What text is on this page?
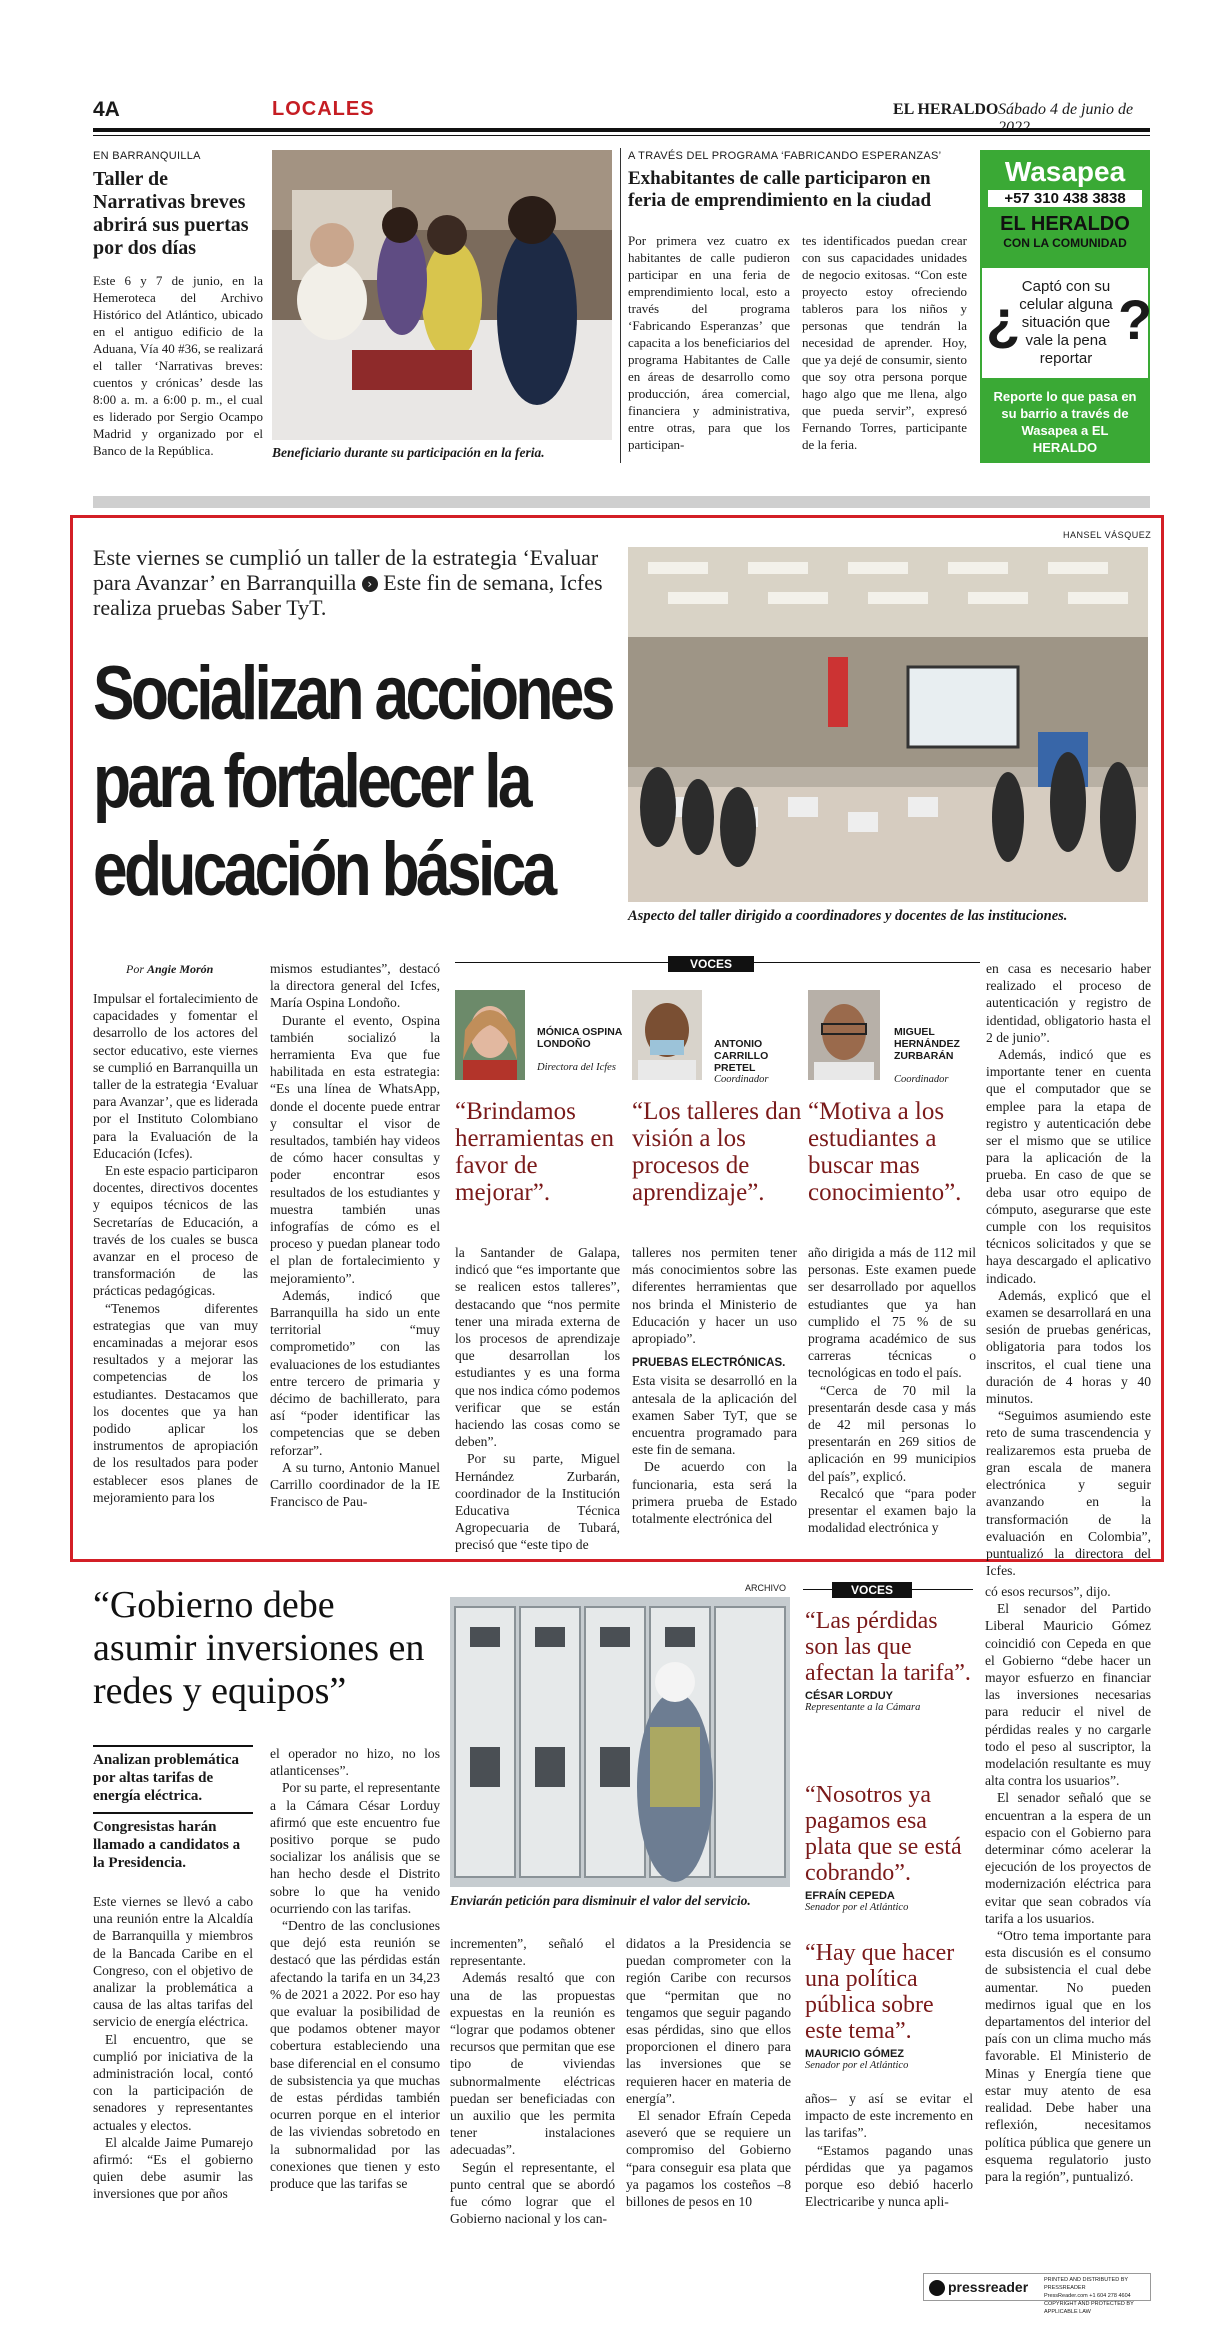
4A	LOCALES	EL HERALDO Sábado 4 de junio de
EN BARRANQUILLA
Taller de Narrativas breves abrirá sus puertas por dos días
Este 6 y 7 de junio, en la Hemeroteca del Archivo Histórico del Atlántico, ubicado en el antiguo edificio de la Aduana, Vía 40 #36, se realizará el taller ‘Narrativas breves: cuentos y crónicas’ desde las 8:00 a. m. a 6:00 p. m., el cual es liderado por Sergio Ocampo Madrid y organizado por el Banco de la República.	Beneficiario durante su participación en la feria.
A TRAVÉS DEL PROGRAMA ‘FABRICANDO ESPERANZAS’
Exhabitantes de calle participaron en feria de emprendimiento en la ciudad
Por primera vez cuatro ex habitantes de calle pudieron participar en una feria de emprendimiento local, esto a través del programa ‘Fabricando Esperanzas’ que capacita a los beneficiarios del programa Habitantes de Calle en áreas de desarrollo como producción, área comercial, financiera y administrativa, entre otras, para que los participan-
tes identificados puedan crear con sus capacidades unidades de negocio exitosas. “Con este proyecto estoy ofreciendo tableros para los niños y personas que tendrán la necesidad de aprender. Hoy, que ya dejé de consumir, siento que soy otra persona porque hago algo que me llena, algo que pueda servir”, expresó Fernando Torres, participante de la feria.
Wasapea
+57 310 438 3838
EL HERALDO
CON LA COMUNIDAD
¿
Captó con su celular alguna situación que vale la pena reportar
?
Reporte lo que pasa en su barrio a través de Wasapea a EL HERALDO
HANSEL VÁSQUEZ
Este viernes se cumplió un taller de la estrategia ‘Evaluar para Avanzar’ en Barranquilla › Este fin de semana, Icfes realiza pruebas Saber TyT.
Socializan acciones para fortalecer la educación básica
Aspecto del taller dirigido a coordinadores y docentes de las instituciones.
Por Angie Morón

Impulsar el fortalecimiento de capacidades y fomentar el desarrollo de los actores del sector educativo, este viernes se cumplió en Barranquilla un taller de la estrategia ‘Evaluar para Avanzar’, que es liderada por el Instituto Colombiano para la Evaluación de la Educación (Icfes).

En este espacio participaron docentes, directivos docentes y equipos técnicos de las Secretarías de Educación, a través de los cuales se busca avanzar en el proceso de transformación de las prácticas pedagógicas.

“Tenemos diferentes estrategias que van muy encaminadas a mejorar esos resultados y a mejorar las competencias de los estudiantes. Destacamos que los docentes que ya han podido aplicar los instrumentos de apropiación de los resultados para poder establecer esos planes de mejoramiento para los

mismos estudiantes”, destacó la directora general del Icfes, María Ospina Londoño.

Durante el evento, Ospina también socializó la herramienta Eva que fue habilitada en esta estrategia: “Es una línea de WhatsApp, donde el docente puede entrar y consultar el visor de resultados, también hay videos de cómo hacer consultas y poder encontrar esos resultados de los estudiantes y muestra también unas infografías de cómo es el proceso y puedan planear todo el plan de fortalecimiento y mejoramiento”.

Además, indicó que Barranquilla ha sido un ente territorial “muy comprometido” con las evaluaciones de los estudiantes entre tercero de primaria y décimo de bachillerato, para así “poder identificar las competencias que se deben reforzar”.

A su turno, Antonio Manuel Carrillo coordinador de la IE Francisco de Pau-

VOCES
MÓNICA OSPINA LONDOÑO
Directora del Icfes
“Brindamos herramientas en favor de mejorar”.
ANTONIO CARRILLO PRETEL
Coordinador
“Los talleres dan visión a los procesos de aprendizaje”.
MIGUEL HERNÁNDEZ ZURBARÁN
Coordinador
“Motiva a los estudiantes a buscar mas conocimiento”.

la Santander de Galapa, indicó que “es importante que se realicen estos talleres”, destacando que “nos permite tener una mirada externa de los procesos de aprendizaje que desarrollan los estudiantes y es una forma que nos indica cómo podemos verificar que se están haciendo las cosas como se deben”.

Por su parte, Miguel Hernández Zurbarán, coordinador de la Institución Educativa Técnica Agropecuaria de Tubará, precisó que “este tipo de

talleres nos permiten tener más conocimientos sobre las diferentes herramientas que nos brinda el Ministerio de Educación y hacer un uso apropiado”.

PRUEBAS ELECTRÓNICAS.

Esta visita se desarrolló en la antesala de la aplicación del examen Saber TyT, que se encuentra programado para este fin de semana.

De acuerdo con la funcionaria, esta será la primera prueba de Estado totalmente electrónica del

año dirigida a más de 112 mil personas. Este examen puede ser desarrollado por aquellos estudiantes que ya han cumplido el 75 % de su programa académico de sus carreras técnicas o tecnológicas en todo el país.

“Cerca de 70 mil la presentarán desde casa y más de 42 mil personas lo presentarán en 269 sitios de aplicación en 99 municipios del país”, explicó.

Recalcó que “para poder presentar el examen bajo la modalidad electrónica y

en casa es necesario haber realizado el proceso de autenticación y registro de identidad, obligatorio hasta el 2 de junio”.

Además, indicó que es importante tener en cuenta que el computador que se emplee para la etapa de registro y autenticación debe ser el mismo que se utilice para la aplicación de la prueba. En caso de que se deba usar otro equipo de cómputo, asegurarse que este cumple con los requisitos técnicos solicitados y que se haya descargado el aplicativo indicado.

Además, explicó que el examen se desarrollará en una sesión de pruebas genéricas, obligatoria para todos los inscritos, el cual tiene una duración de 4 horas y 40 minutos.

“Seguimos asumiendo este reto de suma trascendencia y realizaremos esta prueba de gran escala de manera electrónica y seguir avanzando en la transformación de la evaluación en Colombia”, puntualizó la directora del Icfes.

“Gobierno debe asumir inversiones en redes y equipos”
Analizan problemática por altas tarifas de energía eléctrica.
Congresistas harán llamado a candidatos a la Presidencia.

Este viernes se llevó a cabo una reunión entre la Alcaldía de Barranquilla y miembros de la Bancada Caribe en el Congreso, con el objetivo de analizar la problemática a causa de las altas tarifas del servicio de energía eléctrica.

El encuentro, que se cumplió por iniciativa de la administración local, contó con la participación de senadores y representantes actuales y electos.

El alcalde Jaime Pumarejo afirmó: “Es el gobierno quien debe asumir las inversiones que por años

el operador no hizo, no los atlanticenses”.

Por su parte, el representante a la Cámara César Lorduy afirmó que este encuentro fue positivo porque se pudo socializar los análisis que se han hecho desde el Distrito sobre lo que ha venido ocurriendo con las tarifas.

“Dentro de las conclusiones que dejó esta reunión se destacó que las pérdidas están afectando la tarifa en un 34,23 % de 2021 a 2022. Por eso hay que evaluar la posibilidad de que podamos obtener mayor cobertura estableciendo una base diferencial en el consumo de subsistencia ya que muchas de estas pérdidas también ocurren porque en el interior de las viviendas sobretodo en la subnormalidad por las conexiones que tienen y esto produce que las tarifas se

ARCHIVO
Enviarán petición para disminuir el valor del servicio.

incrementen”, señaló el representante.

Además resaltó que con una de las propuestas expuestas en la reunión es “lograr que podamos obtener recursos que permitan que ese tipo de viviendas subnormalmente eléctricas puedan ser beneficiadas con un auxilio que les permita tener instalaciones adecuadas”.

Según el representante, el punto central que se abordó fue cómo lograr que el Gobierno nacional y los can-

didatos a la Presidencia se puedan comprometer con la región Caribe con recursos que “permitan que no tengamos que seguir pagando esas pérdidas, sino que ellos proporcionen el dinero para las inversiones que se requieren hacer en materia de energía”.

El senador Efraín Cepeda aseveró que se requiere un compromiso del Gobierno “para conseguir esa plata que ya pagamos los costeños –8 billones de pesos en 10

VOCES
“Las pérdidas son las que afectan la tarifa”.
CÉSAR LORDUY
Representante a la Cámara
“Nosotros ya pagamos esa plata que se está cobrando”.
EFRAÍN CEPEDA
Senador por el Atlántico
“Hay que hacer una política pública sobre este tema”.
MAURICIO GÓMEZ
Senador por el Atlántico

años– y así se evitar el impacto de este incremento en las tarifas”.

“Estamos pagando unas pérdidas que ya pagamos porque eso debió hacerlo Electricaribe y nunca apli-

có esos recursos”, dijo.

El senador del Partido Liberal Mauricio Gómez coincidió con Cepeda en que el Gobierno “debe hacer un mayor esfuerzo en financiar las inversiones necesarias para reducir el nivel de pérdidas reales y no cargarle todo el peso al suscriptor, la modelación resultante es muy alta contra los usuarios”.

El senador señaló que se encuentran a la espera de un espacio con el Gobierno para determinar cómo acelerar la ejecución de los proyectos de modernización eléctrica para evitar que sean cobrados vía tarifa a los usuarios.

“Otro tema importante para esta discusión es el consumo de subsistencia el cual debe aumentar. No pueden medirnos igual que en los departamentos del interior del país con un clima mucho más favorable. El Ministerio de Minas y Energía tiene que estar muy atento de esa realidad. Debe haber una reflexión, necesitamos política pública que genere un esquema regulatorio justo para la región”, puntualizó.

pressreader	PRINTED AND DISTRIBUTED BY PRESSREADER
PressReader.com +1 604 278 4604
COPYRIGHT AND PROTECTED BY APPLICABLE LAW
